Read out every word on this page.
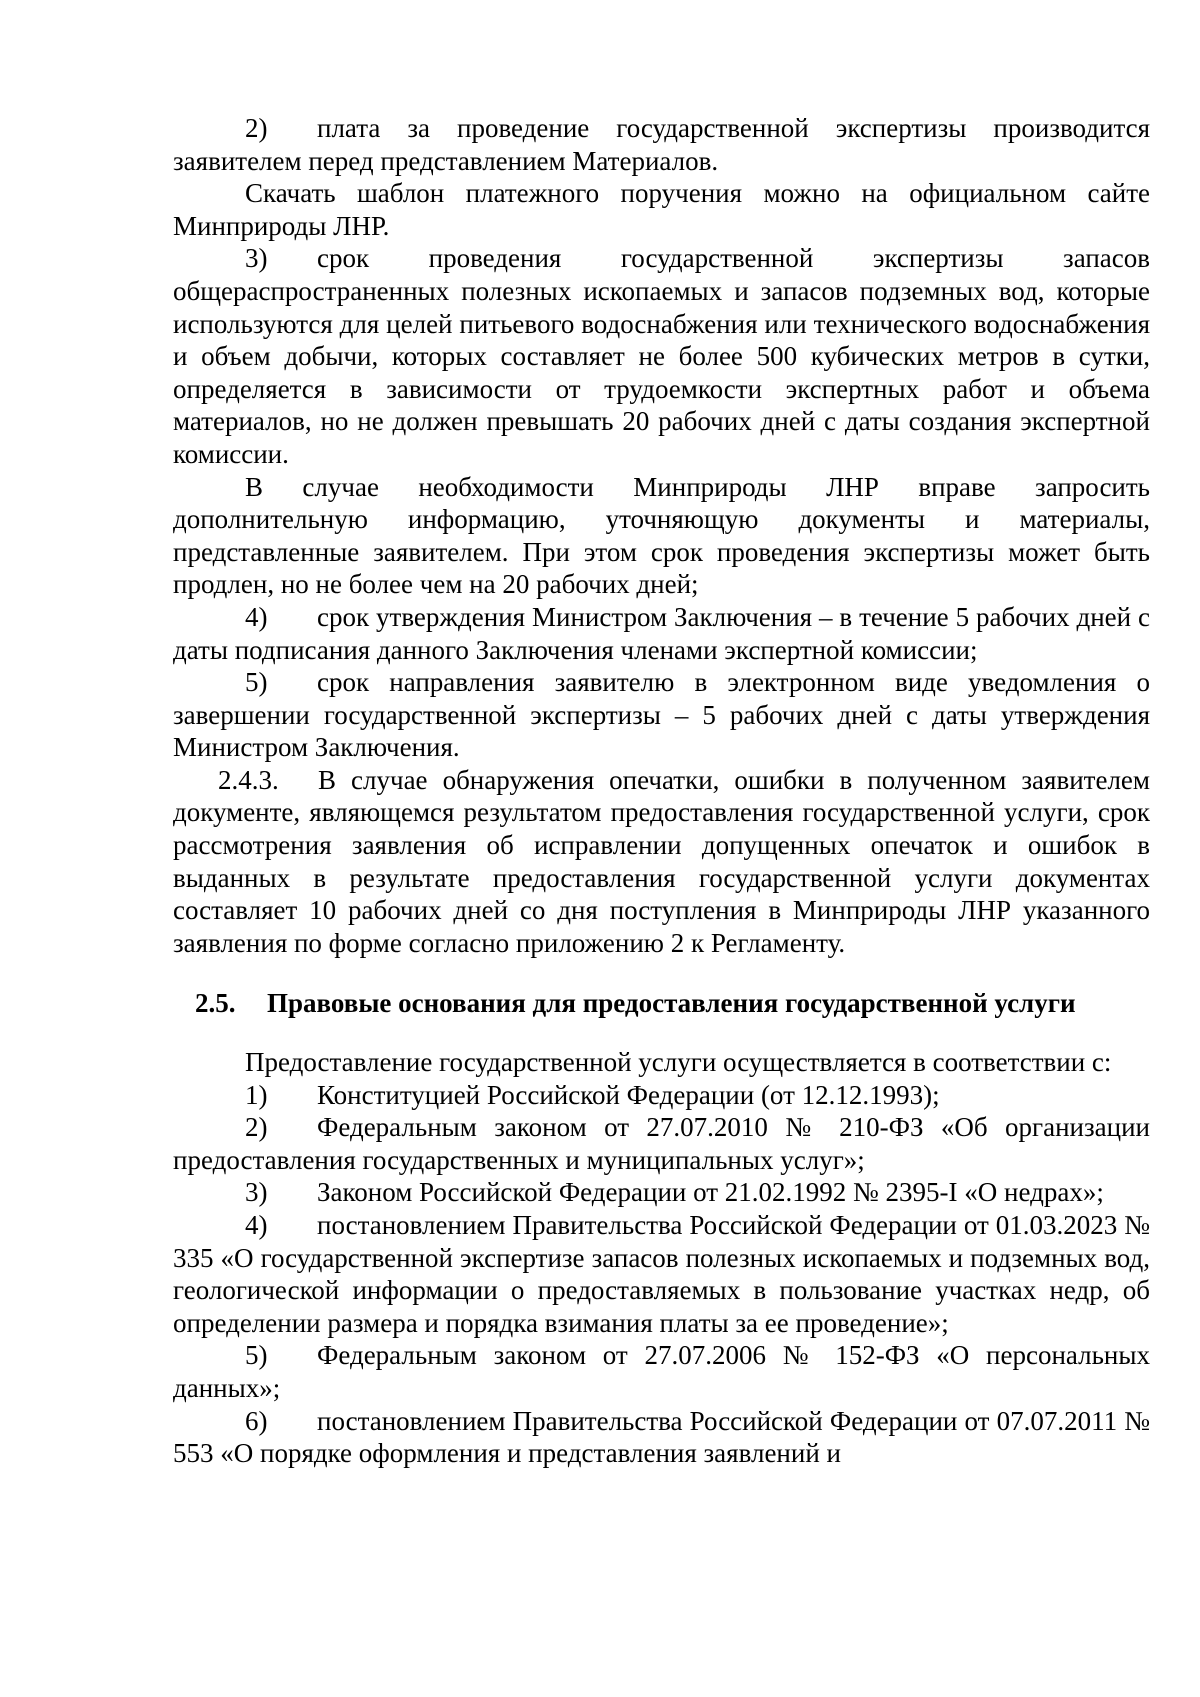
2) плата за проведение государственной экспертизы производится заявителем перед представлением Материалов.

Скачать шаблон платежного поручения можно на официальном сайте Минприроды ЛНР.

3) срок проведения государственной экспертизы запасов общераспространенных полезных ископаемых и запасов подземных вод, которые используются для целей питьевого водоснабжения или технического водоснабжения и объем добычи, которых составляет не более 500 кубических метров в сутки, определяется в зависимости от трудоемкости экспертных работ и объема материалов, но не должен превышать 20 рабочих дней с даты создания экспертной комиссии.

В случае необходимости Минприроды ЛНР вправе запросить дополнительную информацию, уточняющую документы и материалы, представленные заявителем. При этом срок проведения экспертизы может быть продлен, но не более чем на 20 рабочих дней;

4) срок утверждения Министром Заключения – в течение 5 рабочих дней с даты подписания данного Заключения членами экспертной комиссии;

5) срок направления заявителю в электронном виде уведомления о завершении государственной экспертизы – 5 рабочих дней с даты утверждения Министром Заключения.

2.4.3. В случае обнаружения опечатки, ошибки в полученном заявителем документе, являющемся результатом предоставления государственной услуги, срок рассмотрения заявления об исправлении допущенных опечаток и ошибок в выданных в результате предоставления государственной услуги документах составляет 10 рабочих дней со дня поступления в Минприроды ЛНР указанного заявления по форме согласно приложению 2 к Регламенту.

2.5. Правовые основания для предоставления государственной услуги

Предоставление государственной услуги осуществляется в соответствии с:

1) Конституцией Российской Федерации (от 12.12.1993);

2) Федеральным законом от 27.07.2010 № 210-ФЗ «Об организации предоставления государственных и муниципальных услуг»;

3) Законом Российской Федерации от 21.02.1992 № 2395-I «О недрах»;

4) постановлением Правительства Российской Федерации от 01.03.2023 № 335 «О государственной экспертизе запасов полезных ископаемых и подземных вод, геологической информации о предоставляемых в пользование участках недр, об определении размера и порядка взимания платы за ее проведение»;

5) Федеральным законом от 27.07.2006 № 152-ФЗ «О персональных данных»;

6) постановлением Правительства Российской Федерации от 07.07.2011 № 553 «О порядке оформления и представления заявлений и
